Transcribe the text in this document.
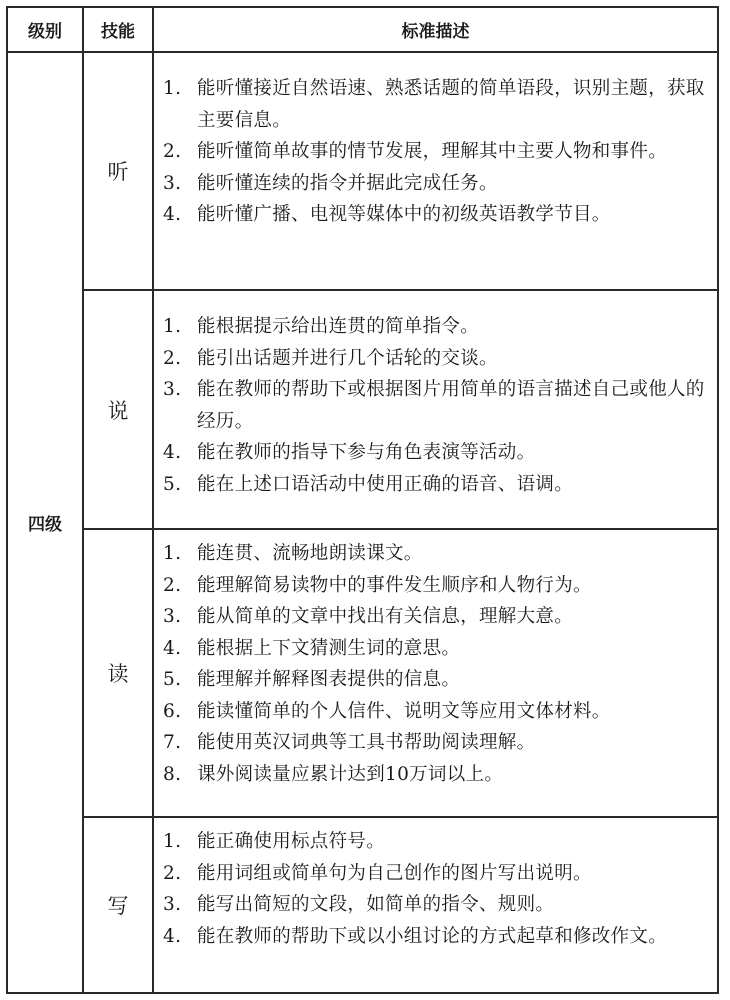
级别	技能	标准描述
四级
听
说
读
写
1. 能听懂接近自然语速、熟悉话题的简单语段，识别主题，获取主要信息。
2. 能听懂简单故事的情节发展，理解其中主要人物和事件。
3. 能听懂连续的指令并据此完成任务。
4. 能听懂广播、电视等媒体中的初级英语教学节目。
1. 能根据提示给出连贯的简单指令。
2. 能引出话题并进行几个话轮的交谈。
3. 能在教师的帮助下或根据图片用简单的语言描述自己或他人的经历。
4. 能在教师的指导下参与角色表演等活动。
5. 能在上述口语活动中使用正确的语音、语调。
1. 能连贯、流畅地朗读课文。
2. 能理解简易读物中的事件发生顺序和人物行为。
3. 能从简单的文章中找出有关信息，理解大意。
4. 能根据上下文猜测生词的意思。
5. 能理解并解释图表提供的信息。
6. 能读懂简单的个人信件、说明文等应用文体材料。
7. 能使用英汉词典等工具书帮助阅读理解。
8. 课外阅读量应累计达到10万词以上。
1. 能正确使用标点符号。
2. 能用词组或简单句为自己创作的图片写出说明。
3. 能写出简短的文段，如简单的指令、规则。
4. 能在教师的帮助下或以小组讨论的方式起草和修改作文。
